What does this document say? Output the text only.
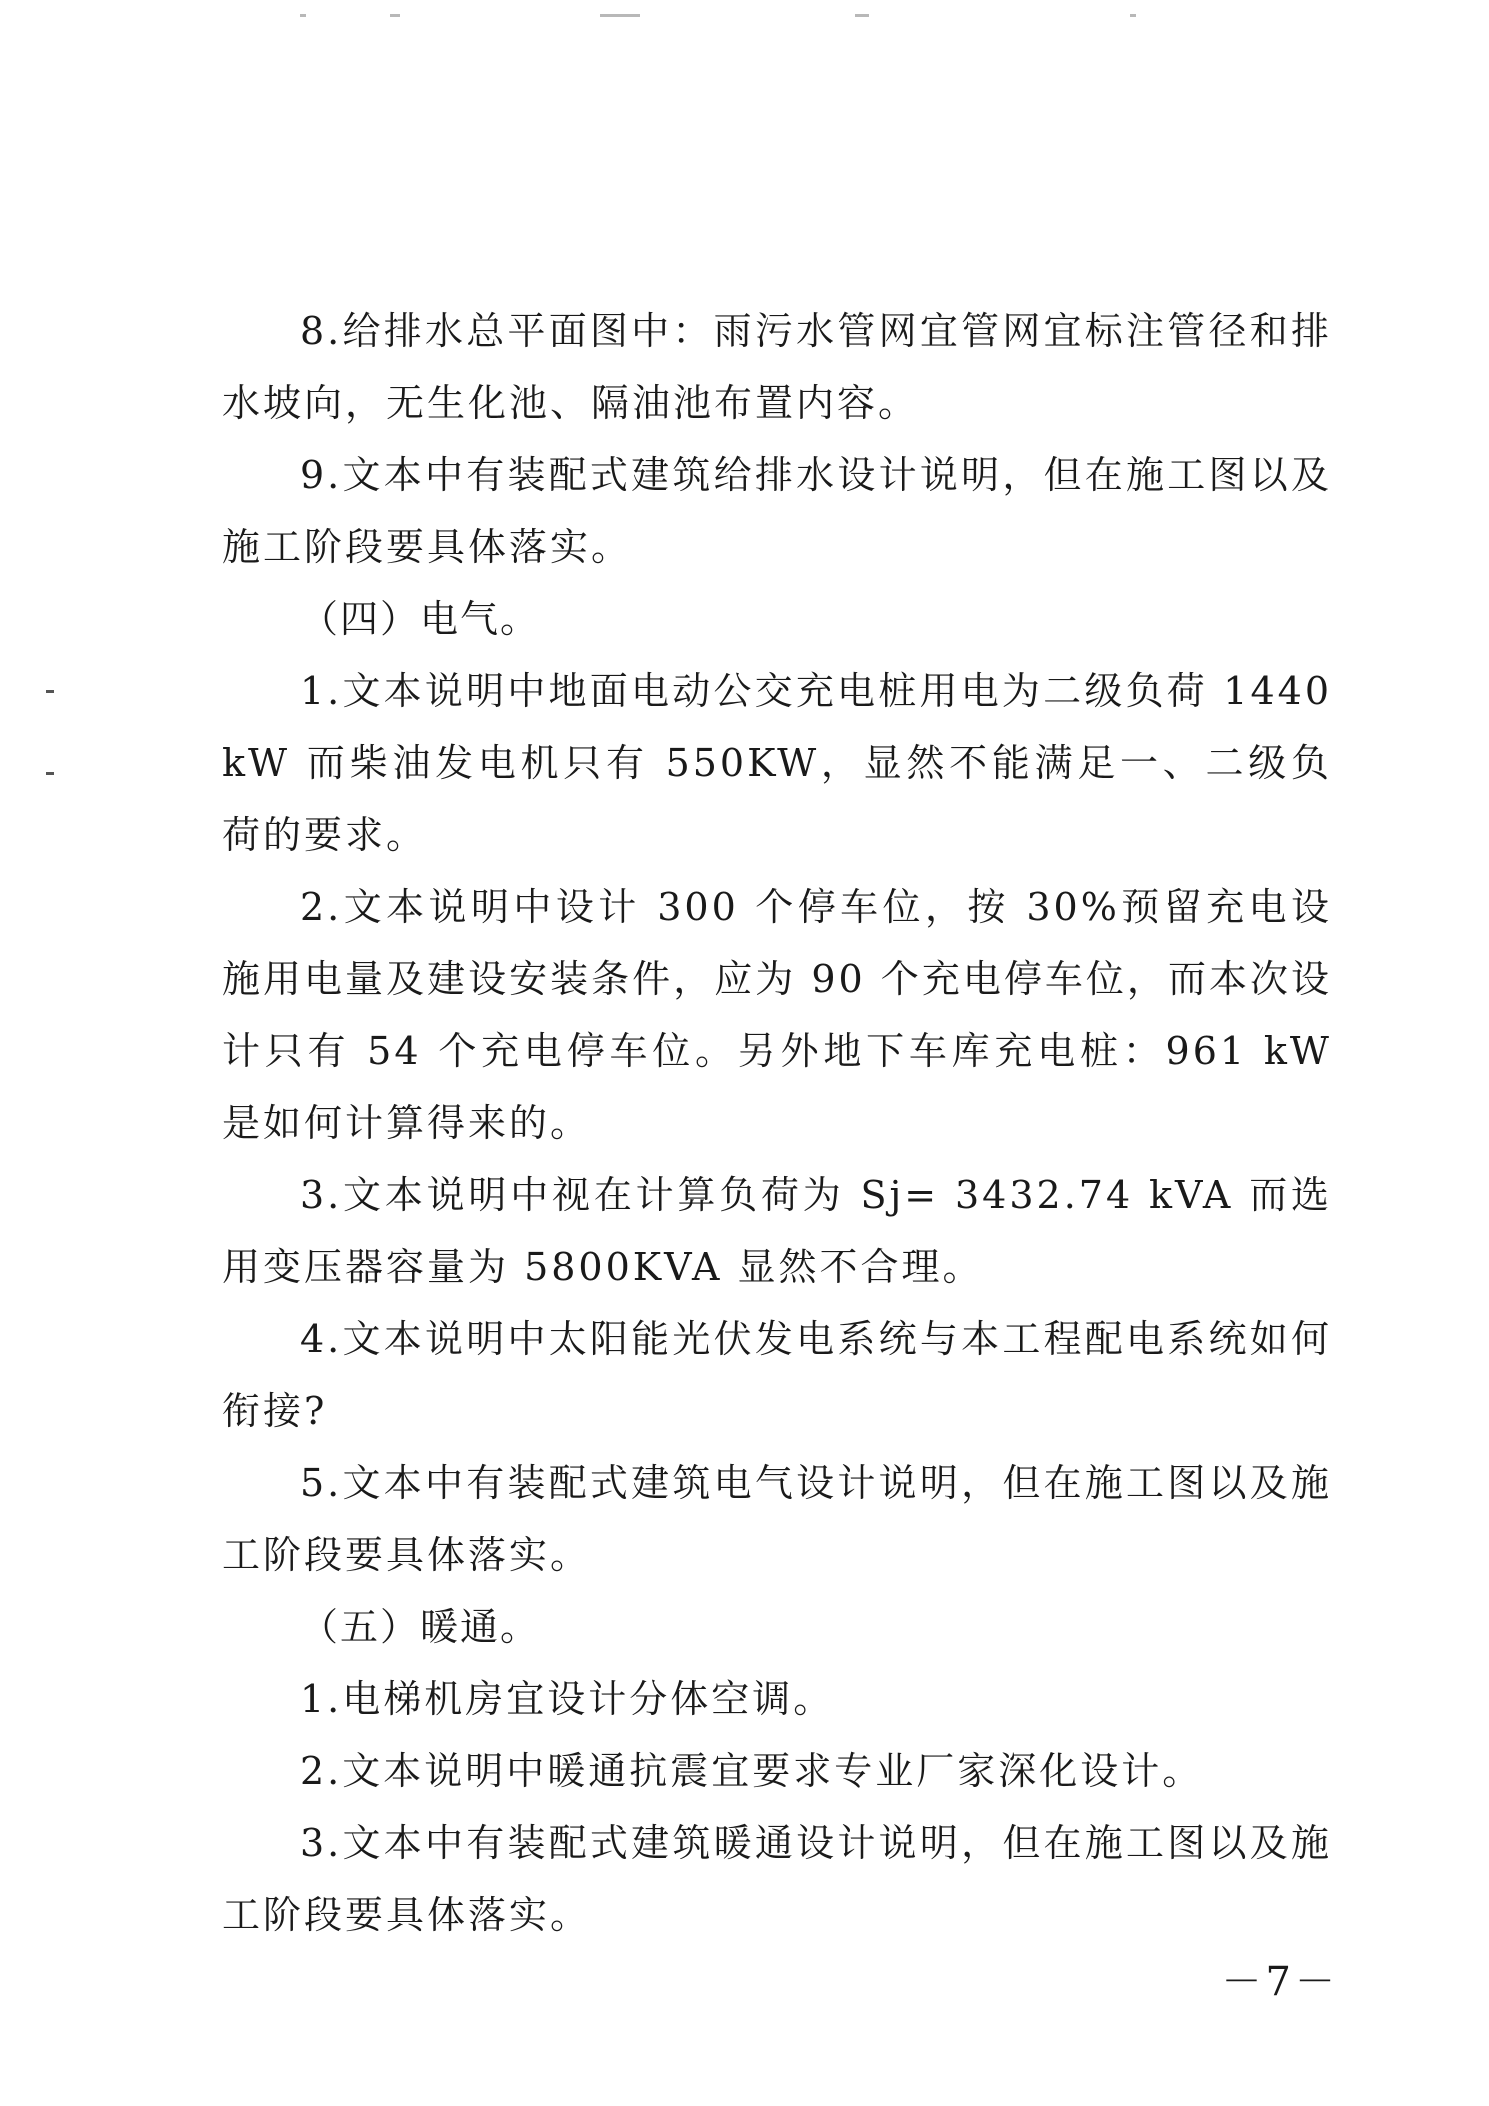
8.给排水总平面图中：雨污水管网宜管网宜标注管径和排水坡向，无生化池、隔油池布置内容。

9.文本中有装配式建筑给排水设计说明，但在施工图以及施工阶段要具体落实。

（四）电气。

1.文本说明中地面电动公交充电桩用电为二级负荷 1440kW 而柴油发电机只有 550KW，显然不能满足一、二级负荷的要求。

2.文本说明中设计 300 个停车位，按 30%预留充电设施用电量及建设安装条件，应为 90 个充电停车位，而本次设计只有 54 个充电停车位。另外地下车库充电桩：961 kW 是如何计算得来的。

3.文本说明中视在计算负荷为 Sj= 3432.74 kVA 而选用变压器容量为 5800KVA 显然不合理。

4.文本说明中太阳能光伏发电系统与本工程配电系统如何衔接?

5.文本中有装配式建筑电气设计说明，但在施工图以及施工阶段要具体落实。

（五）暖通。

1.电梯机房宜设计分体空调。

2.文本说明中暖通抗震宜要求专业厂家深化设计。

3.文本中有装配式建筑暖通设计说明，但在施工图以及施工阶段要具体落实。

－7－
